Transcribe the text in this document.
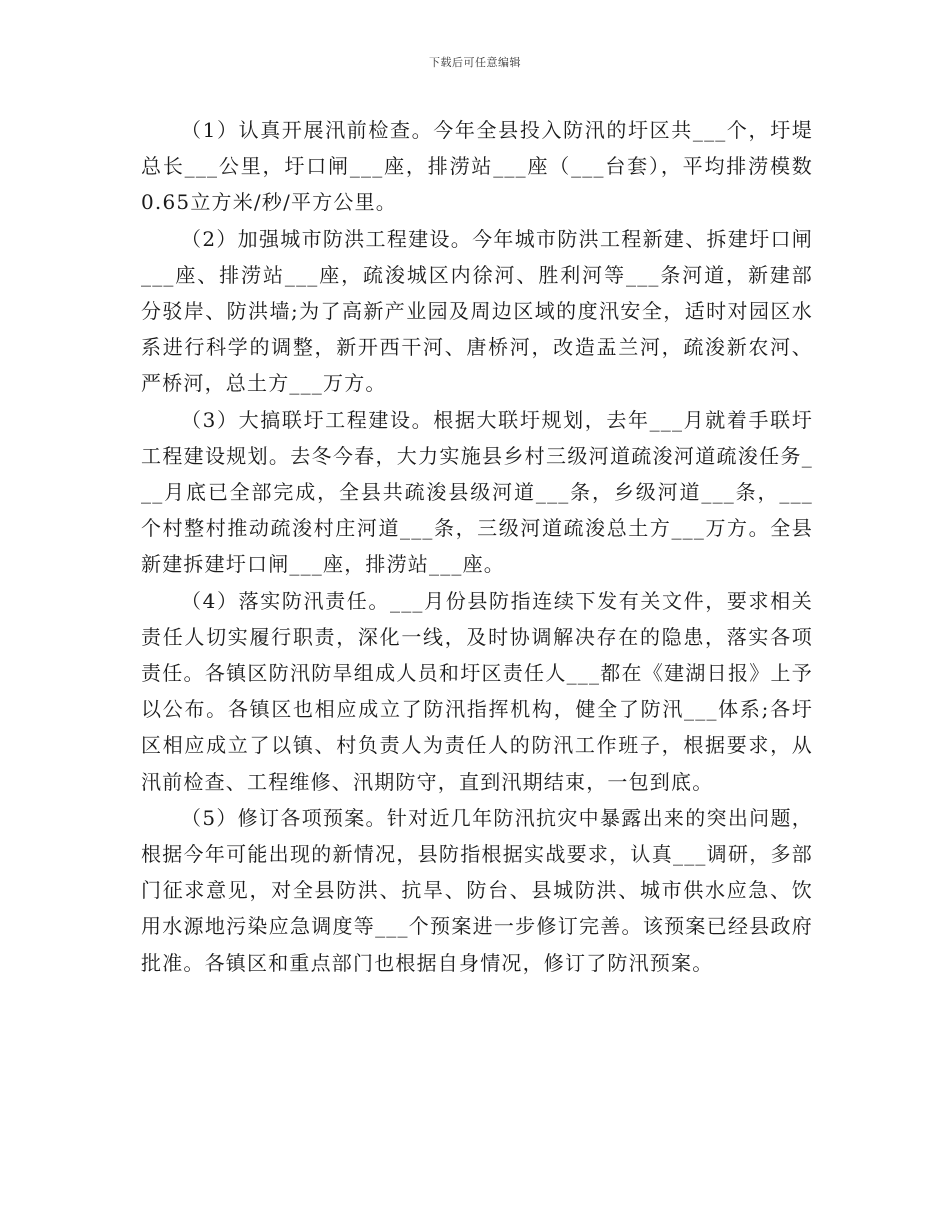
下载后可任意编辑

（1）认真开展汛前检查。今年全县投入防汛的圩区共___个，圩堤总长___公里，圩口闸___座，排涝站___座（___台套），平均排涝模数0.65立方米/秒/平方公里。

（2）加强城市防洪工程建设。今年城市防洪工程新建、拆建圩口闸___座、排涝站___座，疏浚城区内徐河、胜利河等___条河道，新建部分驳岸、防洪墙;为了高新产业园及周边区域的度汛安全，适时对园区水系进行科学的调整，新开西干河、唐桥河，改造盂兰河，疏浚新农河、严桥河，总土方___万方。

（3）大搞联圩工程建设。根据大联圩规划，去年___月就着手联圩工程建设规划。去冬今春，大力实施县乡村三级河道疏浚河道疏浚任务___月底已全部完成，全县共疏浚县级河道___条，乡级河道___条，___个村整村推动疏浚村庄河道___条，三级河道疏浚总土方___万方。全县新建拆建圩口闸___座，排涝站___座。

（4）落实防汛责任。___月份县防指连续下发有关文件，要求相关责任人切实履行职责，深化一线，及时协调解决存在的隐患，落实各项责任。各镇区防汛防旱组成人员和圩区责任人___都在《建湖日报》上予以公布。各镇区也相应成立了防汛指挥机构，健全了防汛___体系;各圩区相应成立了以镇、村负责人为责任人的防汛工作班子，根据要求，从汛前检查、工程维修、汛期防守，直到汛期结束，一包到底。

（5）修订各项预案。针对近几年防汛抗灾中暴露出来的突出问题，根据今年可能出现的新情况，县防指根据实战要求，认真___调研，多部门征求意见，对全县防洪、抗旱、防台、县城防洪、城市供水应急、饮用水源地污染应急调度等___个预案进一步修订完善。该预案已经县政府批准。各镇区和重点部门也根据自身情况，修订了防汛预案。
